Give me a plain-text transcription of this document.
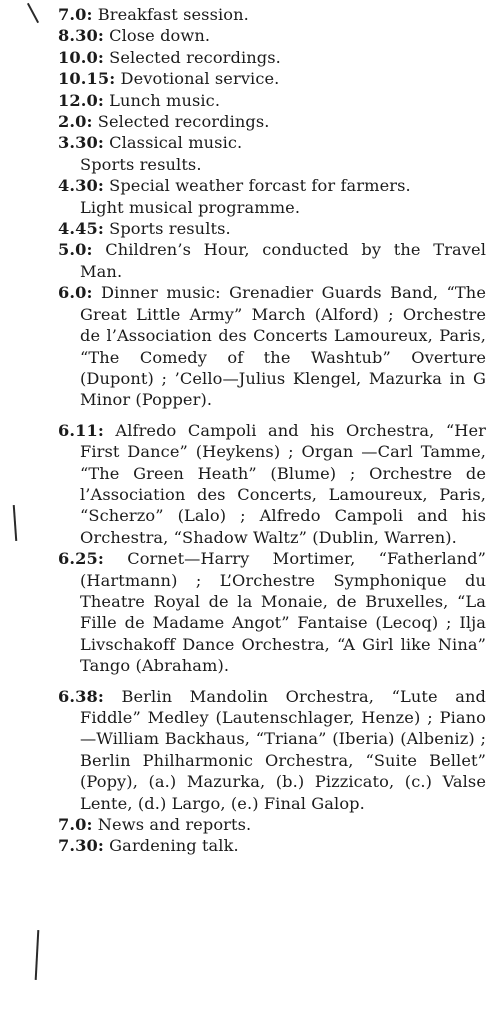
7.0: Breakfast session.

8.30: Close down.

10.0: Selected recordings.

10.15: Devotional service.

12.0: Lunch music.

2.0: Selected recordings.

3.30: Classical music.
Sports results.

4.30: Special weather forcast for farmers.
Light musical programme.

4.45: Sports results.

5.0: Children’s Hour, conducted by the Travel Man.

6.0: Dinner music: Grenadier Guards Band, “The Great Little Army” March (Alford) ; Orchestre de l’Association des Concerts Lamoureux, Paris, “The Comedy of the Washtub” Overture (Dupont) ; ’Cello—Julius Klengel, Mazurka in G Minor (Popper).

6.11: Alfredo Campoli and his Orchestra, “Her First Dance” (Heykens) ; Organ —Carl Tamme, “The Green Heath” (Blume) ; Orchestre de l’Association des Concerts, Lamoureux, Paris, “Scherzo” (Lalo) ; Alfredo Campoli and his Orchestra, “Shadow Waltz” (Dublin, Warren).

6.25: Cornet—Harry Mortimer, “Fatherland” (Hartmann) ; L’Orchestre Symphonique du Theatre Royal de la Monaie, de Bruxelles, “La Fille de Madame Angot” Fantaise (Lecoq) ; Ilja Livschakoff Dance Orchestra, “A Girl like Nina” Tango (Abraham).

6.38: Berlin Mandolin Orchestra, “Lute and Fiddle” Medley (Lautenschlager, Henze) ; Piano—William Backhaus, “Triana” (Iberia) (Albeniz) ; Berlin Philharmonic Orchestra, “Suite Bellet” (Popy), (a.) Mazurka, (b.) Pizzicato, (c.) Valse Lente, (d.) Largo, (e.) Final Galop.

7.0: News and reports.

7.30: Gardening talk.
